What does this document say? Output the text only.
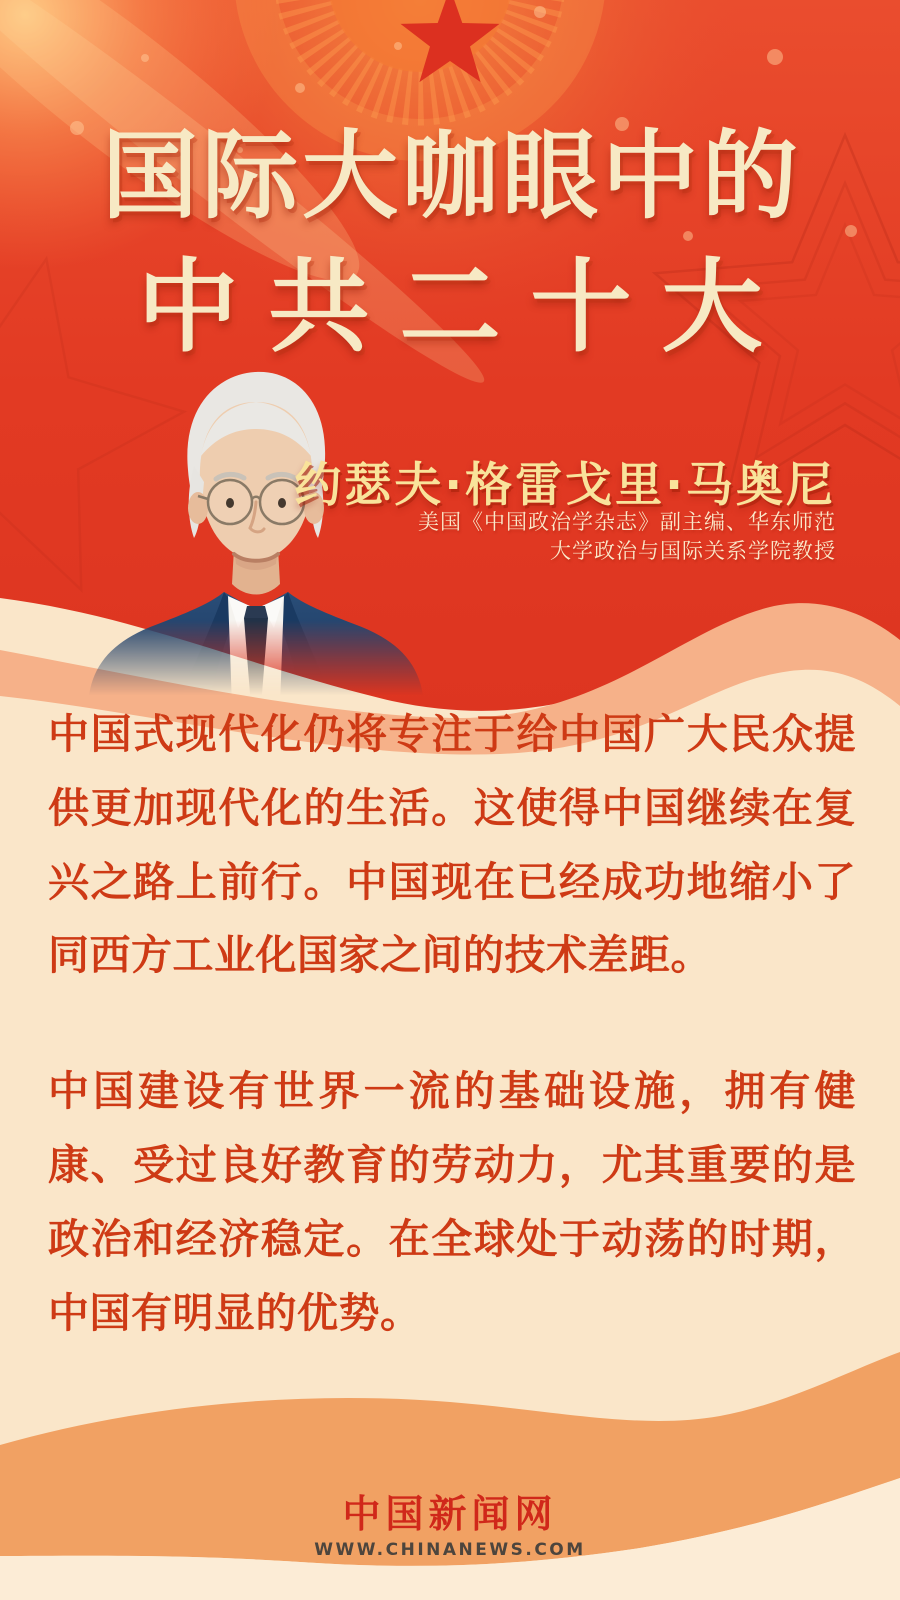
国际大咖眼中的
中共二十大
约瑟夫·格雷戈里·马奥尼
美国《中国政治学杂志》副主编、华东师范
大学政治与国际关系学院教授

中国式现代化仍将专注于给中国广大民众提供更加现代化的生活。这使得中国继续在复兴之路上前行。中国现在已经成功地缩小了同西方工业化国家之间的技术差距。

中国建设有世界一流的基础设施，拥有健康、受过良好教育的劳动力，尤其重要的是政治和经济稳定。在全球处于动荡的时期，中国有明显的优势。

中国新闻网
WWW.CHINANEWS.COM
